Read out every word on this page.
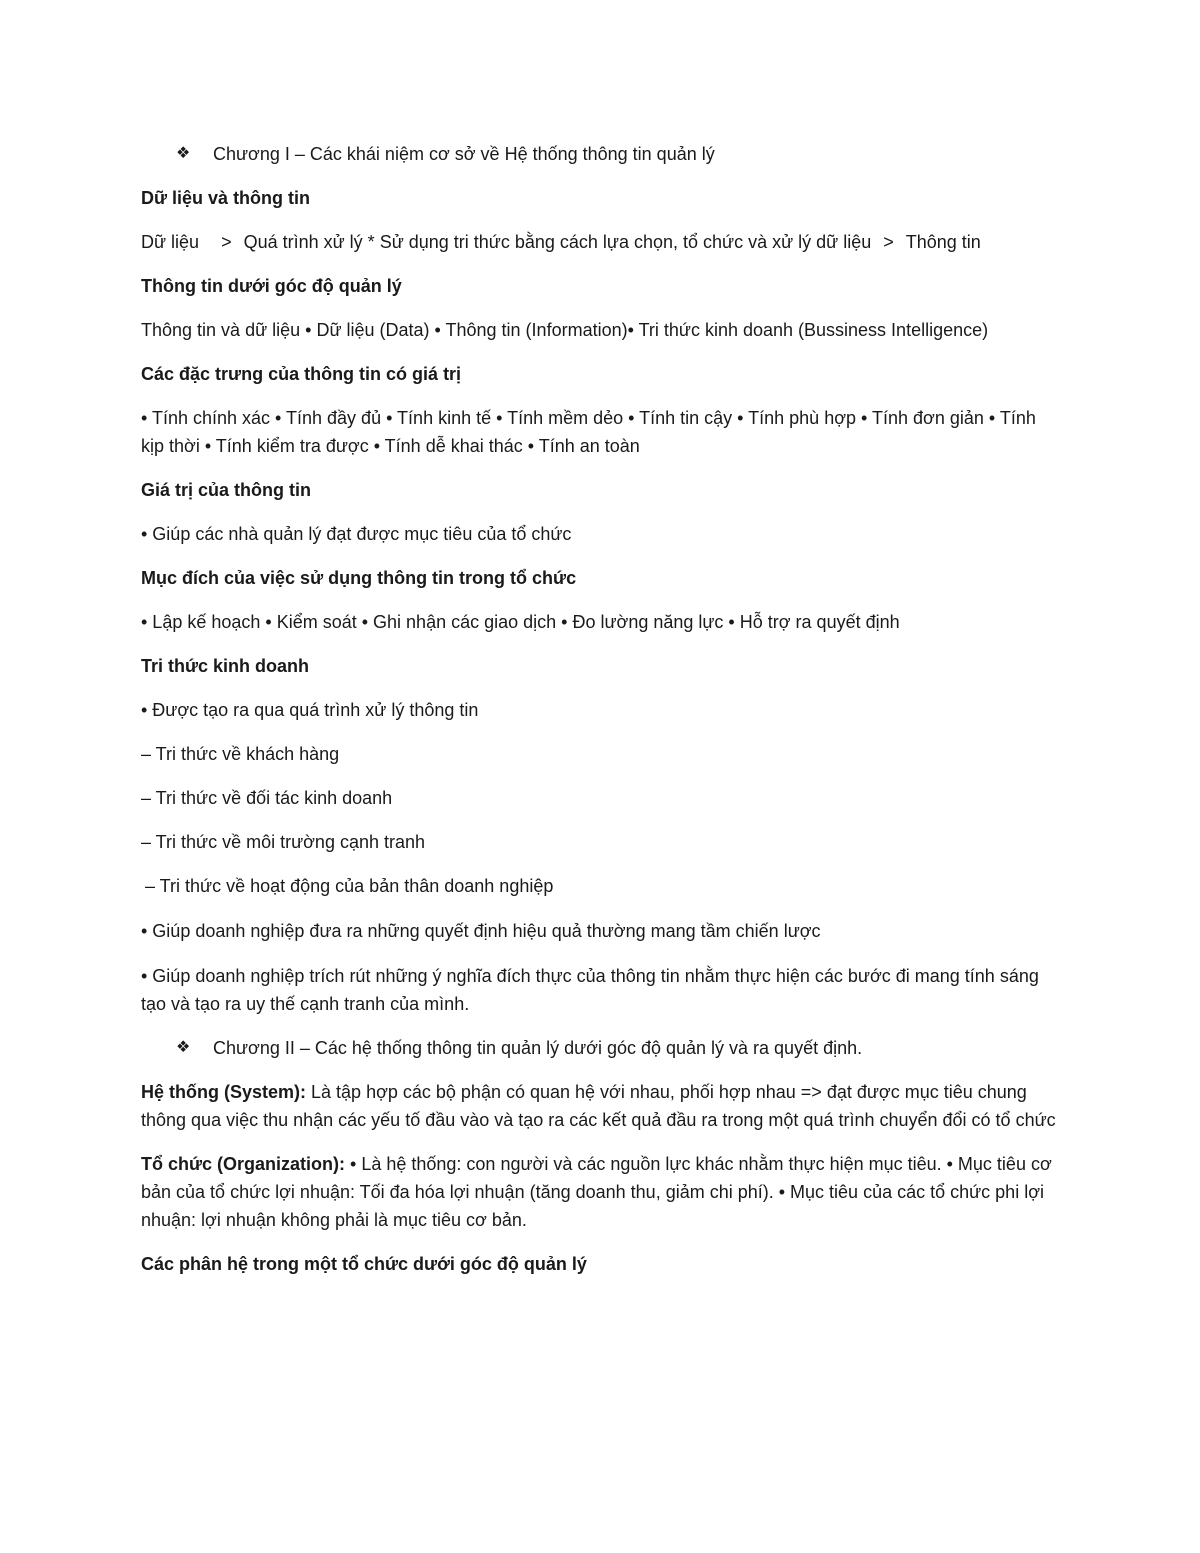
❖ Chương I – Các khái niệm cơ sở về Hệ thống thông tin quản lý

Dữ liệu và thông tin

Dữ liệu > Quá trình xử lý * Sử dụng tri thức bằng cách lựa chọn, tổ chức và xử lý dữ liệu > Thông tin

Thông tin dưới góc độ quản lý

Thông tin và dữ liệu • Dữ liệu (Data) • Thông tin (Information)• Tri thức kinh doanh (Bussiness Intelligence)

Các đặc trưng của thông tin có giá trị

• Tính chính xác • Tính đầy đủ • Tính kinh tế • Tính mềm dẻo • Tính tin cậy • Tính phù hợp • Tính đơn giản • Tính kịp thời • Tính kiểm tra được • Tính dễ khai thác • Tính an toàn

Giá trị của thông tin

• Giúp các nhà quản lý đạt được mục tiêu của tổ chức

Mục đích của việc sử dụng thông tin trong tổ chức

• Lập kế hoạch • Kiểm soát • Ghi nhận các giao dịch • Đo lường năng lực • Hỗ trợ ra quyết định

Tri thức kinh doanh

• Được tạo ra qua quá trình xử lý thông tin

– Tri thức về khách hàng

– Tri thức về đối tác kinh doanh

– Tri thức về môi trường cạnh tranh

– Tri thức về hoạt động của bản thân doanh nghiệp

• Giúp doanh nghiệp đưa ra những quyết định hiệu quả thường mang tầm chiến lược

• Giúp doanh nghiệp trích rút những ý nghĩa đích thực của thông tin nhằm thực hiện các bước đi mang tính sáng tạo và tạo ra uy thế cạnh tranh của mình.

❖ Chương II – Các hệ thống thông tin quản lý dưới góc độ quản lý và ra quyết định.

Hệ thống (System): Là tập hợp các bộ phận có quan hệ với nhau, phối hợp nhau => đạt được mục tiêu chung thông qua việc thu nhận các yếu tố đầu vào và tạo ra các kết quả đầu ra trong một quá trình chuyển đổi có tổ chức

Tổ chức (Organization): • Là hệ thống: con người và các nguồn lực khác nhằm thực hiện mục tiêu. • Mục tiêu cơ bản của tổ chức lợi nhuận: Tối đa hóa lợi nhuận (tăng doanh thu, giảm chi phí). • Mục tiêu của các tổ chức phi lợi nhuận: lợi nhuận không phải là mục tiêu cơ bản.

Các phân hệ trong một tổ chức dưới góc độ quản lý
